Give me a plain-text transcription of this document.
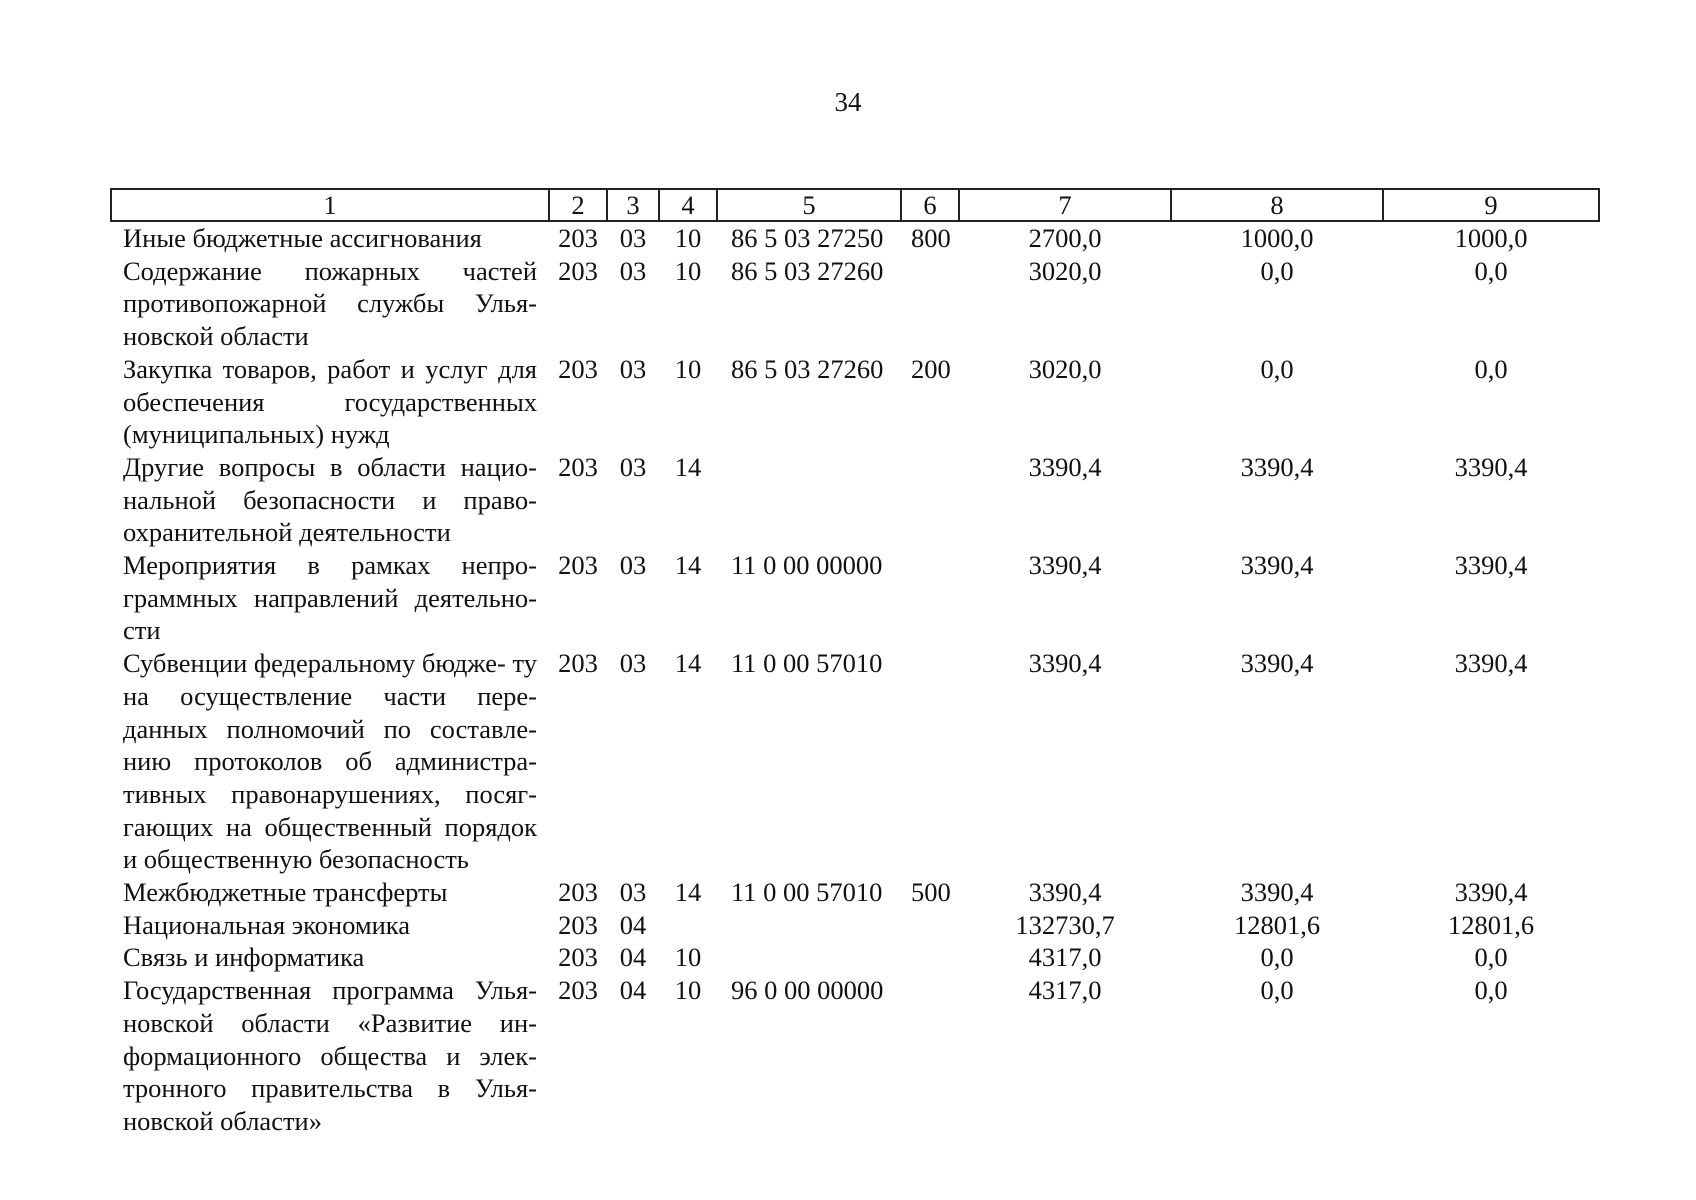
34
1	2	3	4	5	6	7	8	9
Иные бюджетные ассигнования	203	03	10	86 5 03 27250	800	2700,0	1000,0	1000,0
Содержание пожарных частей противопожарной службы Улья- новской области	203	03	10	86 5 03 27260		3020,0	0,0	0,0
Закупка товаров, работ и услуг для обеспечения государственных (муниципальных) нужд	203	03	10	86 5 03 27260	200	3020,0	0,0	0,0
Другие вопросы в области нацио- нальной безопасности и право- охранительной деятельности	203	03	14			3390,4	3390,4	3390,4
Мероприятия в рамках непро- граммных направлений деятельно- сти	203	03	14	11 0 00 00000		3390,4	3390,4	3390,4
Субвенции федеральному бюдже- ту на осуществление части пере- данных полномочий по составле- нию протоколов об администра- тивных правонарушениях, посяг- гающих на общественный порядок и общественную безопасность	203	03	14	11 0 00 57010		3390,4	3390,4	3390,4
Межбюджетные трансферты	203	03	14	11 0 00 57010	500	3390,4	3390,4	3390,4
Национальная экономика	203	04				132730,7	12801,6	12801,6
Связь и информатика	203	04	10			4317,0	0,0	0,0
Государственная программа Улья- новской области «Развитие ин- формационного общества и элек- тронного правительства в Улья- новской области»	203	04	10	96 0 00 00000		4317,0	0,0	0,0
